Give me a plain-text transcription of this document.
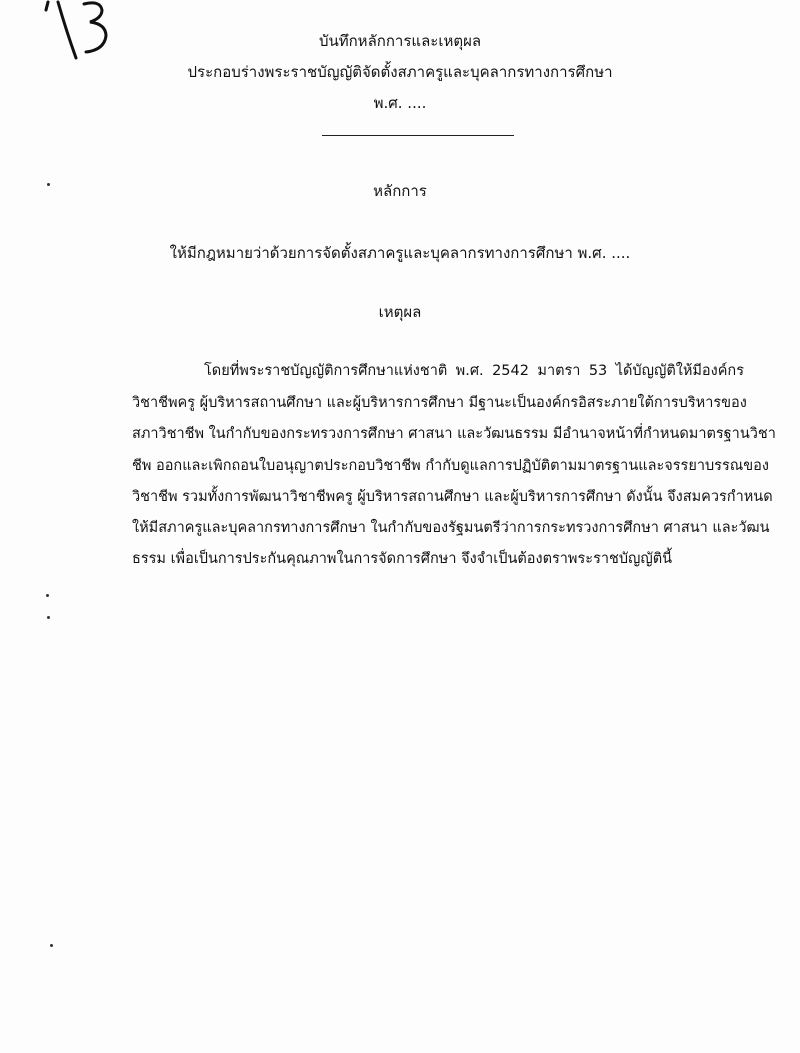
บันทึกหลักการและเหตุผล
ประกอบร่างพระราชบัญญัติจัดตั้งสภาครูและบุคลากรทางการศึกษา
พ.ศ. ....
หลักการ
ให้มีกฎหมายว่าด้วยการจัดตั้งสภาครูและบุคลากรทางการศึกษา พ.ศ. ....
เหตุผล
โดยที่พระราชบัญญัติการศึกษาแห่งชาติ พ.ศ. 2542 มาตรา 53 ได้บัญญัติให้มีองค์กร
วิชาชีพครู ผู้บริหารสถานศึกษา และผู้บริหารการศึกษา มีฐานะเป็นองค์กรอิสระภายใต้การบริหารของ
สภาวิชาชีพ ในกำกับของกระทรวงการศึกษา ศาสนา และวัฒนธรรม มีอำนาจหน้าที่กำหนดมาตรฐานวิชา
ชีพ ออกและเพิกถอนใบอนุญาตประกอบวิชาชีพ กำกับดูแลการปฏิบัติตามมาตรฐานและจรรยาบรรณของ
วิชาชีพ รวมทั้งการพัฒนาวิชาชีพครู ผู้บริหารสถานศึกษา และผู้บริหารการศึกษา ดังนั้น จึงสมควรกำหนด
ให้มีสภาครูและบุคลากรทางการศึกษา ในกำกับของรัฐมนตรีว่าการกระทรวงการศึกษา ศาสนา และวัฒน
ธรรม เพื่อเป็นการประกันคุณภาพในการจัดการศึกษา จึงจำเป็นต้องตราพระราชบัญญัตินี้
